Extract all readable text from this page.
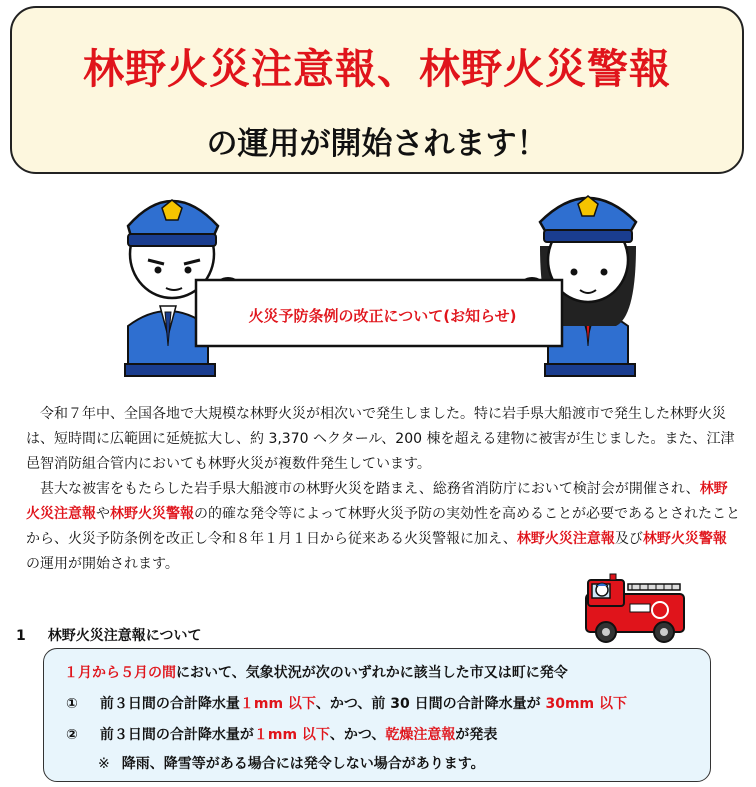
林野火災注意報、林野火災警報
の運用が開始されます！
火災予防条例の改正について(お知らせ)

令和７年中、全国各地で大規模な林野火災が相次いで発生しました。特に岩手県大船渡市で発生した林野火災は、短時間に広範囲に延焼拡大し、約 3,370 ヘクタール、200 棟を超える建物に被害が生じました。また、江津邑智消防組合管内においても林野火災が複数件発生しています。

甚大な被害をもたらした岩手県大船渡市の林野火災を踏まえ、総務省消防庁において検討会が開催され、林野火災注意報や林野火災警報の的確な発令等によって林野火災予防の実効性を高めることが必要であるとされたことから、火災予防条例を改正し令和８年１月１日から従来ある火災警報に加え、林野火災注意報及び林野火災警報の運用が開始されます。

1 林野火災注意報について
１月から５月の間において、気象状況が次のいずれかに該当した市又は町に発令
① 前３日間の合計降水量１mm 以下、かつ、前 30 日間の合計降水量が 30mm 以下
② 前３日間の合計降水量が１mm 以下、かつ、乾燥注意報が発表
※ 降雨、降雪等がある場合には発令しない場合があります。
